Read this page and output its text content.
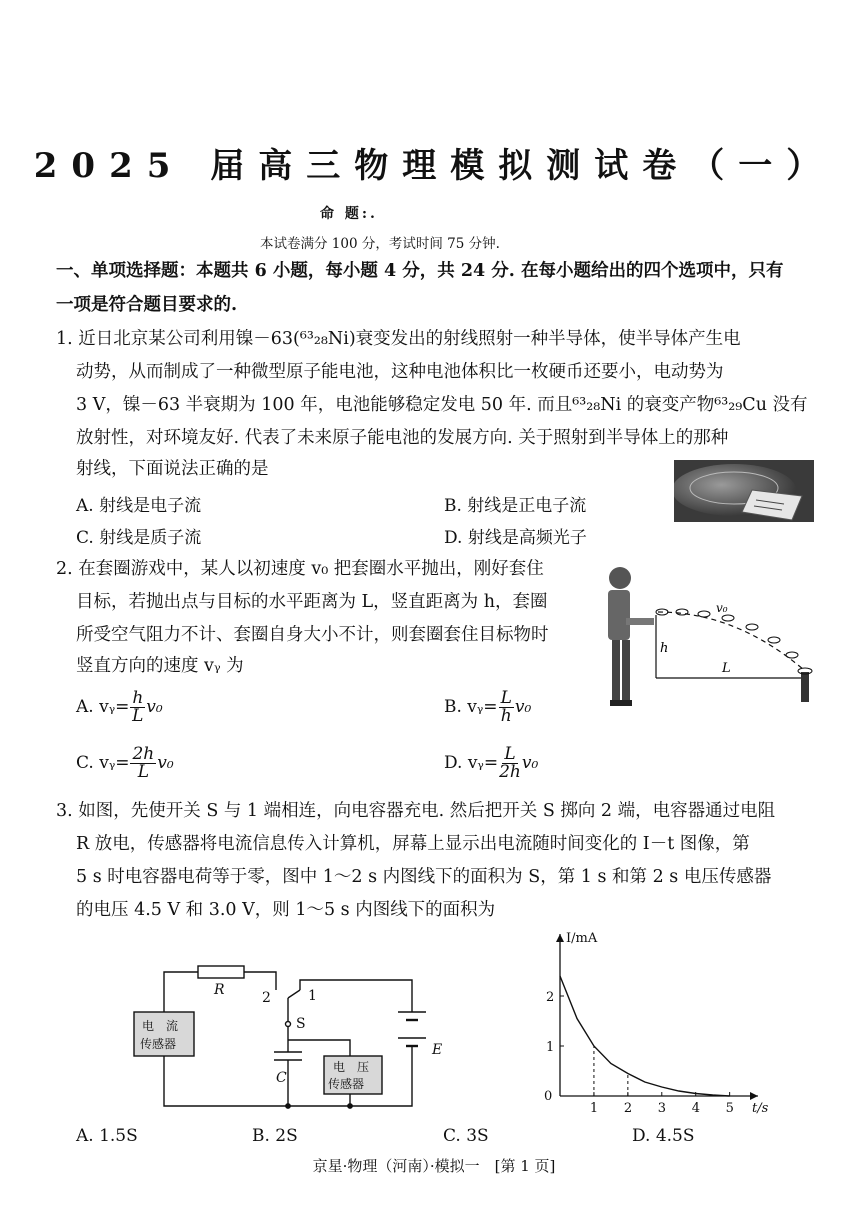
2025 届高三物理模拟测试卷（一）
命 题:.
本试卷满分 100 分，考试时间 75 分钟.
一、单项选择题：本题共 6 小题，每小题 4 分，共 24 分. 在每小题给出的四个选项中，只有
一项是符合题目要求的.
1. 近日北京某公司利用镍－63(⁶³₂₈Ni)衰变发出的射线照射一种半导体，使半导体产生电
动势，从而制成了一种微型原子能电池，这种电池体积比一枚硬币还要小，电动势为
3 V，镍－63 半衰期为 100 年，电池能够稳定发电 50 年. 而且⁶³₂₈Ni 的衰变产物⁶³₂₉Cu 没有
放射性，对环境友好. 代表了未来原子能电池的发展方向. 关于照射到半导体上的那种
射线，下面说法正确的是
A. 射线是电子流	B. 射线是正电子流
C. 射线是质子流	D. 射线是高频光子
2. 在套圈游戏中，某人以初速度 v₀ 把套圈水平抛出，刚好套住
目标，若抛出点与目标的水平距离为 L，竖直距离为 h，套圈
所受空气阻力不计、套圈自身大小不计，则套圈套住目标物时
竖直方向的速度 vᵧ 为
A. vᵧ= $\frac{h}{L} v_0$	B. vᵧ= $\frac{L}{h} v_0$
C. vᵧ= $\frac{2h}{L} v_0$	D. vᵧ= $\frac{L}{2h} v_0$
h
L
v₀
3. 如图，先使开关 S 与 1 端相连，向电容器充电. 然后把开关 S 掷向 2 端，电容器通过电阻
R 放电，传感器将电流信息传入计算机，屏幕上显示出电流随时间变化的 I－t 图像，第
5 s 时电容器电荷等于零，图中 1～2 s 内图线下的面积为 S，第 1 s 和第 2 s 电压传感器
的电压 4.5 V 和 3.0 V，则 1～5 s 内图线下的面积为
R	2	1
S
C
电　压
传感器
E
电　流
传感器
I/mA
t/s
1 2 3 4 5
0
1
2
A. 1.5S	B. 2S	C. 3S	D. 4.5S
京星·物理（河南）·模拟一　[第 1 页]
